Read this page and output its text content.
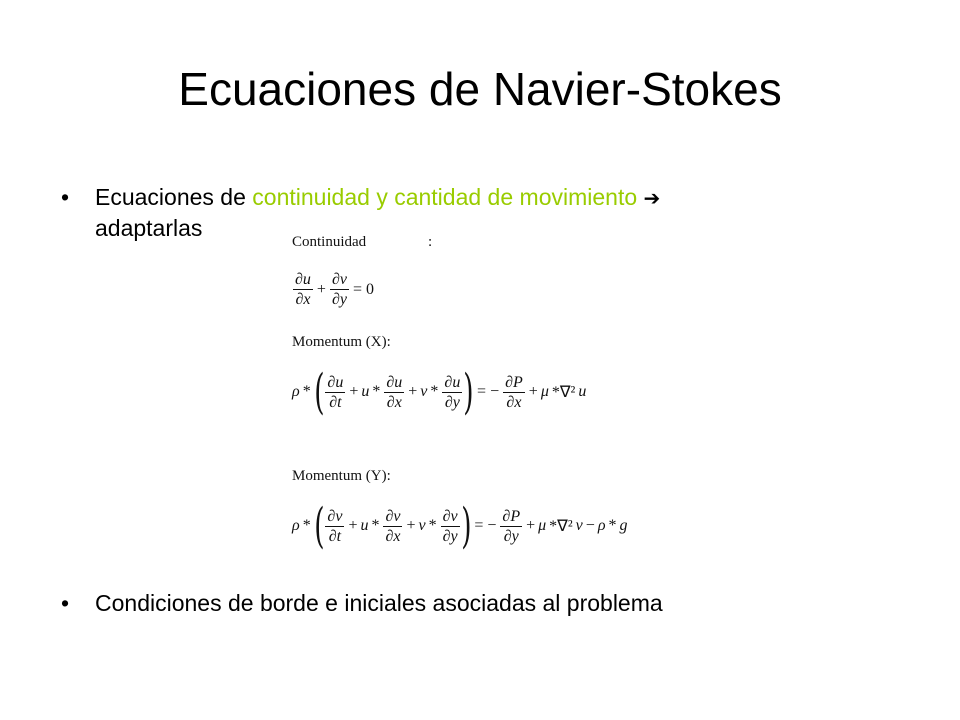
Ecuaciones de Navier-Stokes
• Ecuaciones de continuidad y cantidad de movimiento ➔
adaptarlas
Continuidad	:
$\frac{\partial u}{\partial x} + \frac{\partial v}{\partial y} = 0$
Momentum (X):
ρ * ( $\frac{\partial u}{\partial t} + u * \frac{\partial u}{\partial x} + v * \frac{\partial u}{\partial y}$ ) = − $\frac{\partial P}{\partial x} + \mu$ *∇² u
Momentum (Y):
ρ * ( $\frac{\partial v}{\partial t} + u * \frac{\partial v}{\partial x} + v * \frac{\partial v}{\partial y}$ ) = − $\frac{\partial P}{\partial y} + \mu$ *∇² v − ρ * g
• Condiciones de borde e iniciales asociadas al problema
